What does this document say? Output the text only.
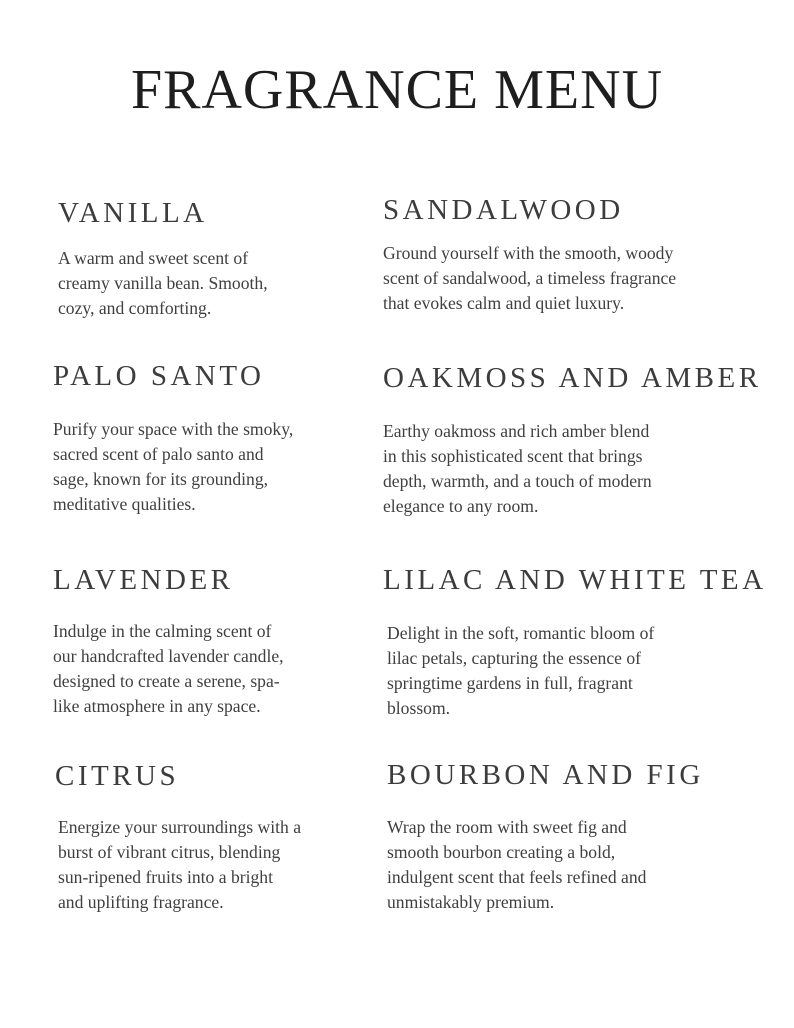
FRAGRANCE MENU
VANILLA

A warm and sweet scent of
creamy vanilla bean. Smooth,
cozy, and comforting.

SANDALWOOD

Ground yourself with the smooth, woody
scent of sandalwood, a timeless fragrance
that evokes calm and quiet luxury.

PALO SANTO

Purify your space with the smoky,
sacred scent of palo santo and
sage, known for its grounding,
meditative qualities.

OAKMOSS AND AMBER

Earthy oakmoss and rich amber blend
in this sophisticated scent that brings
depth, warmth, and a touch of modern
elegance to any room.

LAVENDER

Indulge in the calming scent of
our handcrafted lavender candle,
designed to create a serene, spa-
like atmosphere in any space.

LILAC AND WHITE TEA

Delight in the soft, romantic bloom of
lilac petals, capturing the essence of
springtime gardens in full, fragrant
blossom.

CITRUS

Energize your surroundings with a
burst of vibrant citrus, blending
sun-ripened fruits into a bright
and uplifting fragrance.

BOURBON AND FIG

Wrap the room with sweet fig and
smooth bourbon creating a bold,
indulgent scent that feels refined and
unmistakably premium.
